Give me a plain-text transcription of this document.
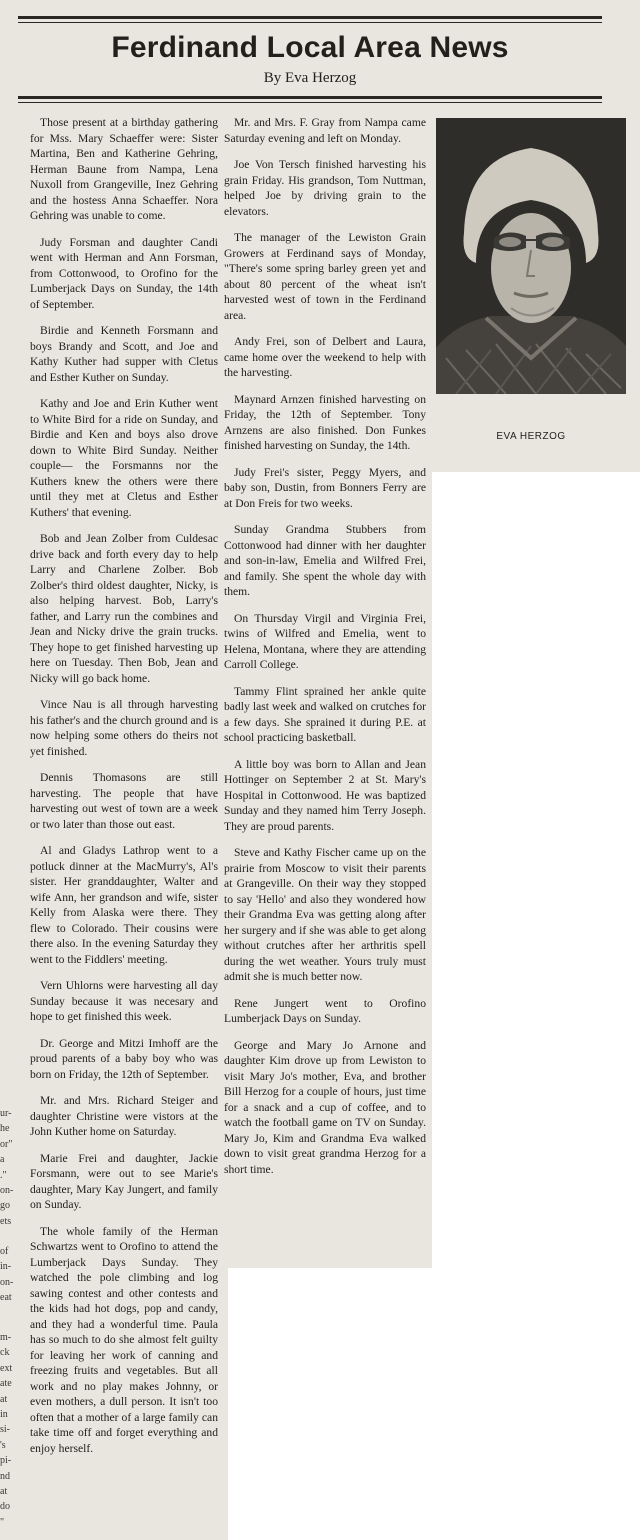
Ferdinand Local Area News
By Eva Herzog
ur-
he
or"
a
."
on-
go
ets
of
in-
on-
eat
m-
ck
ext
ate
at
in
si-
's
pi-
nd
at
do
"

Those present at a birthday gathering for Mss. Mary Schaeffer were: Sister Martina, Ben and Katherine Gehring, Herman Baune from Nampa, Lena Nuxoll from Grangeville, Inez Gehring and the hostess Anna Schaeffer. Nora Gehring was unable to come.

Judy Forsman and daughter Candi went with Herman and Ann Forsman, from Cottonwood, to Orofino for the Lumberjack Days on Sunday, the 14th of September.

Birdie and Kenneth Forsmann and boys Brandy and Scott, and Joe and Kathy Kuther had supper with Cletus and Esther Kuther on Sunday.

Kathy and Joe and Erin Kuther went to White Bird for a ride on Sunday, and Birdie and Ken and boys also drove down to White Bird Sunday. Neither couple— the Forsmanns nor the Kuthers knew the others were there until they met at Cletus and Esther Kuthers' that evening.

Bob and Jean Zolber from Culdesac drive back and forth every day to help Larry and Charlene Zolber. Bob Zolber's third oldest daughter, Nicky, is also helping harvest. Bob, Larry's father, and Larry run the combines and Jean and Nicky drive the grain trucks. They hope to get finished harvesting up here on Tuesday. Then Bob, Jean and Nicky will go back home.

Vince Nau is all through harvesting his father's and the church ground and is now helping some others do theirs not yet finished.

Dennis Thomasons are still harvesting. The people that have harvesting out west of town are a week or two later than those out east.

Al and Gladys Lathrop went to a potluck dinner at the MacMurry's, Al's sister. Her granddaughter, Walter and wife Ann, her grandson and wife, sister Kelly from Alaska were there. They flew to Colorado. Their cousins were there also. In the evening Saturday they went to the Fiddlers' meeting.

Vern Uhlorns were harvesting all day Sunday because it was necesary and hope to get finished this week.

Dr. George and Mitzi Imhoff are the proud parents of a baby boy who was born on Friday, the 12th of September.

Mr. and Mrs. Richard Steiger and daughter Christine were vistors at the John Kuther home on Saturday.

Marie Frei and daughter, Jackie Forsmann, were out to see Marie's daughter, Mary Kay Jungert, and family on Sunday.

The whole family of the Herman Schwartzs went to Orofino to attend the Lumberjack Days Sunday. They watched the pole climbing and log sawing contest and other contests and the kids had hot dogs, pop and candy, and they had a wonderful time. Paula has so much to do she almost felt guilty for leaving her work of canning and freezing fruits and vegetables. But all work and no play makes Johnny, or even mothers, a dull person. It isn't too often that a mother of a large family can take time off and forget everything and enjoy herself.

Mr. and Mrs. F. Gray from Nampa came Saturday evening and left on Monday.

Joe Von Tersch finished harvesting his grain Friday. His grandson, Tom Nuttman, helped Joe by driving grain to the elevators.

The manager of the Lewiston Grain Growers at Ferdinand says of Monday, "There's some spring barley green yet and about 80 percent of the wheat isn't harvested west of town in the Ferdinand area.

Andy Frei, son of Delbert and Laura, came home over the weekend to help with the harvesting.

Maynard Arnzen finished harvesting on Friday, the 12th of September. Tony Arnzens are also finished. Don Funkes finished harvesting on Sunday, the 14th.

Judy Frei's sister, Peggy Myers, and baby son, Dustin, from Bonners Ferry are at Don Freis for two weeks.

Sunday Grandma Stubbers from Cottonwood had dinner with her daughter and son-in-law, Emelia and Wilfred Frei, and family. She spent the whole day with them.

On Thursday Virgil and Virginia Frei, twins of Wilfred and Emelia, went to Helena, Montana, where they are attending Carroll College.

Tammy Flint sprained her ankle quite badly last week and walked on crutches for a few days. She sprained it during P.E. at school practicing basketball.

A little boy was born to Allan and Jean Hottinger on September 2 at St. Mary's Hospital in Cottonwood. He was baptized Sunday and they named him Terry Joseph. They are proud parents.

Steve and Kathy Fischer came up on the prairie from Moscow to visit their parents at Grangeville. On their way they stopped to say 'Hello' and also they wondered how their Grandma Eva was getting along after her surgery and if she was able to get along without crutches after her arthritis spell during the wet weather. Yours truly must admit she is much better now.

Rene Jungert went to Orofino Lumberjack Days on Sunday.

George and Mary Jo Arnone and daughter Kim drove up from Lewiston to visit Mary Jo's mother, Eva, and brother Bill Herzog for a couple of hours, just time for a snack and a cup of coffee, and to watch the football game on TV on Sunday. Mary Jo, Kim and Grandma Eva walked down to visit great grandma Herzog for a short time.

EVA HERZOG
